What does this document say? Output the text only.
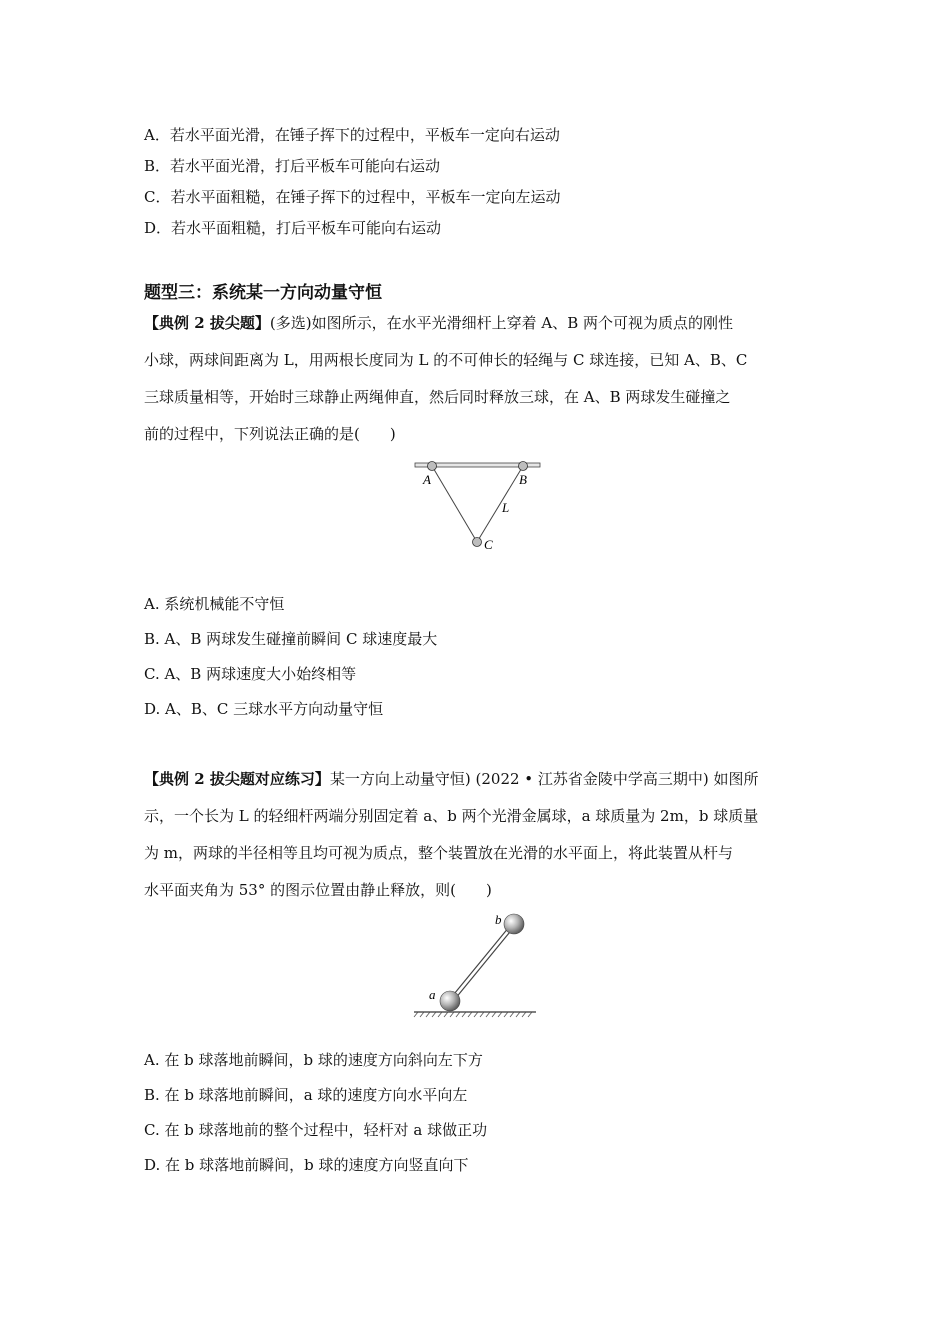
A．若水平面光滑，在锤子挥下的过程中，平板车一定向右运动
B．若水平面光滑，打后平板车可能向右运动
C．若水平面粗糙，在锤子挥下的过程中，平板车一定向左运动
D．若水平面粗糙，打后平板车可能向右运动
题型三：系统某一方向动量守恒
【典例 2 拔尖题】(多选)如图所示，在水平光滑细杆上穿着 A、B 两个可视为质点的刚性
小球，两球间距离为 L，用两根长度同为 L 的不可伸长的轻绳与 C 球连接，已知 A、B、C
三球质量相等，开始时三球静止两绳伸直，然后同时释放三球，在 A、B 两球发生碰撞之
前的过程中，下列说法正确的是(　　)
A	B
L
C
A. 系统机械能不守恒
B. A、B 两球发生碰撞前瞬间 C 球速度最大
C. A、B 两球速度大小始终相等
D. A、B、C 三球水平方向动量守恒
【典例 2 拔尖题对应练习】某一方向上动量守恒) (2022 • 江苏省金陵中学高三期中) 如图所
示，一个长为 L 的轻细杆两端分别固定着 a、b 两个光滑金属球，a 球质量为 2m，b 球质量
为 m，两球的半径相等且均可视为质点，整个装置放在光滑的水平面上，将此装置从杆与
水平面夹角为 53° 的图示位置由静止释放，则(　　)
b
a
A. 在 b 球落地前瞬间，b 球的速度方向斜向左下方
B. 在 b 球落地前瞬间，a 球的速度方向水平向左
C. 在 b 球落地前的整个过程中，轻杆对 a 球做正功
D. 在 b 球落地前瞬间，b 球的速度方向竖直向下
